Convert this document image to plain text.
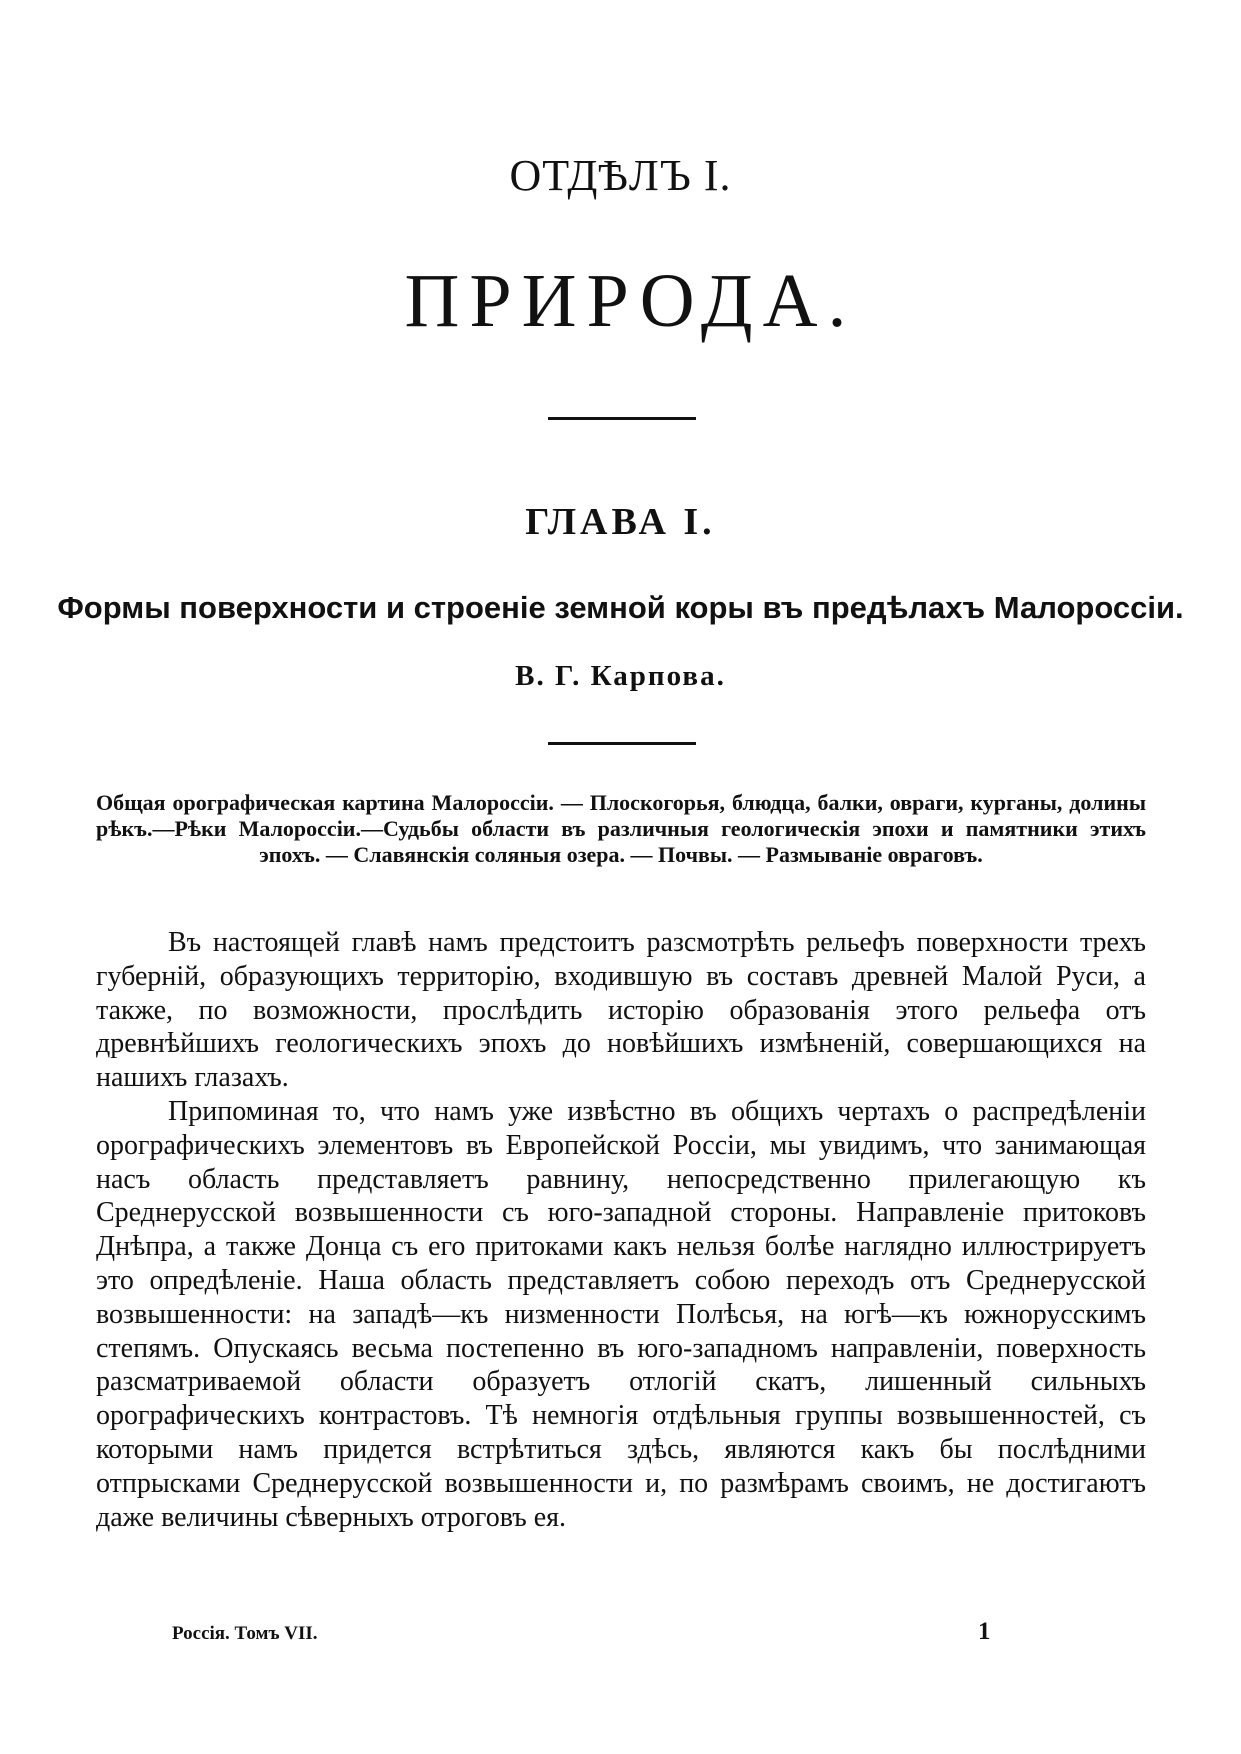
ОТДѢЛЪ I.
ПРИРОДА.
ГЛАВА I.
Формы поверхности и строеніе земной коры въ предѣлахъ Малороссіи.
В. Г. Карпова.

Общая орографическая картина Малороссіи. — Плоскогорья, блюдца, балки, овраги, курганы, долины рѣкъ.—Рѣки Малороссіи.—Судьбы области въ различныя геологическія эпохи и памятники этихъ эпохъ. — Славянскія соляныя озера. — Почвы. — Размываніе овраговъ.

Въ настоящей главѣ намъ предстоитъ разсмотрѣть рельефъ поверхности трехъ губерній, образующихъ территорію, входившую въ составъ древней Малой Руси, а также, по возможности, прослѣдить исторію образованія этого рельефа отъ древнѣйшихъ геологическихъ эпохъ до новѣйшихъ измѣненій, совершающихся на нашихъ глазахъ.

Припоминая то, что намъ уже извѣстно въ общихъ чертахъ о распредѣленіи орографическихъ элементовъ въ Европейской Россіи, мы увидимъ, что занимающая насъ область представляетъ равнину, непосредственно прилегающую къ Среднерусской возвышенности съ юго-западной стороны. Направленіе притоковъ Днѣпра, а также Донца съ его притоками какъ нельзя болѣе наглядно иллюстрируетъ это опредѣленіе. Наша область представляетъ собою переходъ отъ Среднерусской возвышенности: на западѣ—къ низменности Полѣсья, на югѣ—къ южнорусскимъ степямъ. Опускаясь весьма постепенно въ юго-западномъ направленіи, поверхность разсматриваемой области образуетъ отлогій скатъ, лишенный сильныхъ орографическихъ контрастовъ. Тѣ немногія отдѣльныя группы возвышенностей, съ которыми намъ придется встрѣтиться здѣсь, являются какъ бы послѣдними отпрысками Среднерусской возвышенности и, по размѣрамъ своимъ, не достигаютъ даже величины сѣверныхъ отроговъ ея.

Россія. Томъ VII.	1
